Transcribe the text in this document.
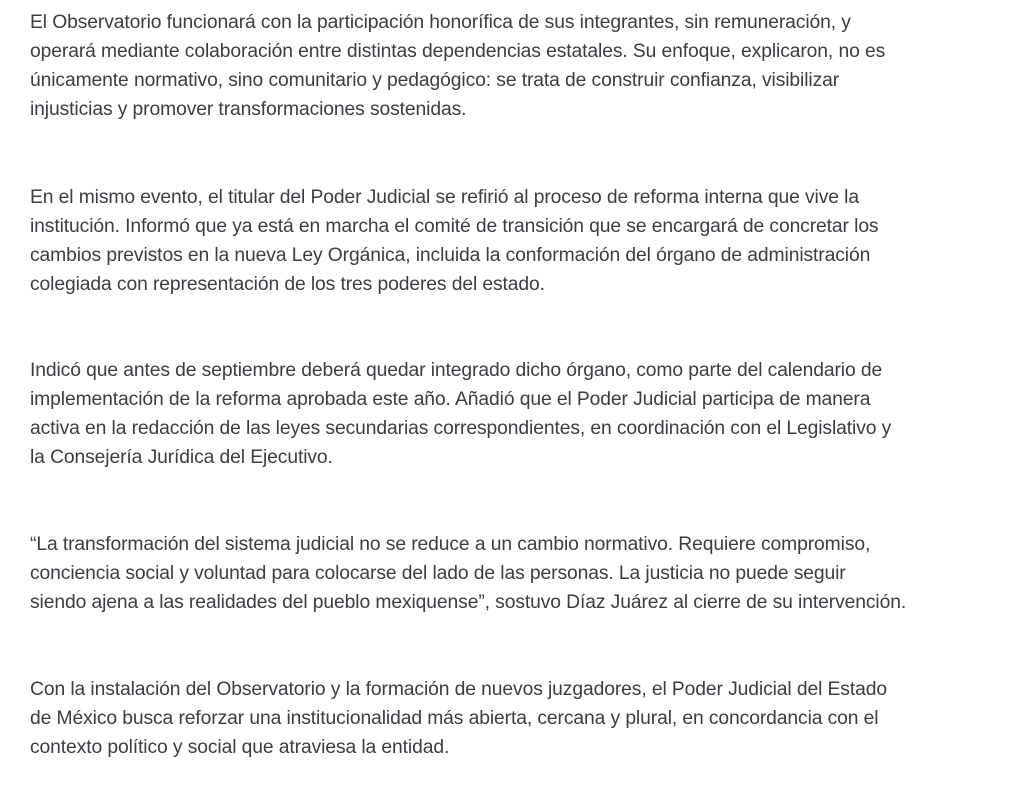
El Observatorio funcionará con la participación honorífica de sus integrantes, sin remuneración, y
operará mediante colaboración entre distintas dependencias estatales. Su enfoque, explicaron, no es
únicamente normativo, sino comunitario y pedagógico: se trata de construir confianza, visibilizar
injusticias y promover transformaciones sostenidas.

En el mismo evento, el titular del Poder Judicial se refirió al proceso de reforma interna que vive la
institución. Informó que ya está en marcha el comité de transición que se encargará de concretar los
cambios previstos en la nueva Ley Orgánica, incluida la conformación del órgano de administración
colegiada con representación de los tres poderes del estado.

Indicó que antes de septiembre deberá quedar integrado dicho órgano, como parte del calendario de
implementación de la reforma aprobada este año. Añadió que el Poder Judicial participa de manera
activa en la redacción de las leyes secundarias correspondientes, en coordinación con el Legislativo y
la Consejería Jurídica del Ejecutivo.

“La transformación del sistema judicial no se reduce a un cambio normativo. Requiere compromiso,
conciencia social y voluntad para colocarse del lado de las personas. La justicia no puede seguir
siendo ajena a las realidades del pueblo mexiquense”, sostuvo Díaz Juárez al cierre de su intervención.

Con la instalación del Observatorio y la formación de nuevos juzgadores, el Poder Judicial del Estado
de México busca reforzar una institucionalidad más abierta, cercana y plural, en concordancia con el
contexto político y social que atraviesa la entidad.
